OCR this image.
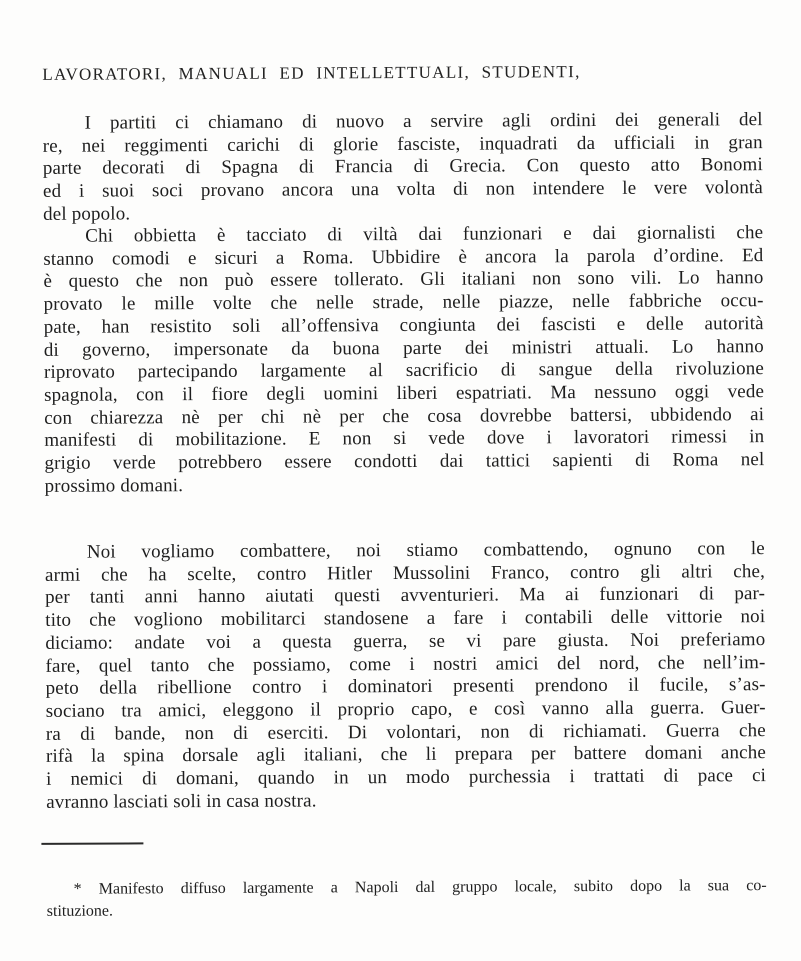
LAVORATORI, MANUALI ED INTELLETTUALI, STUDENTI,
I partiti ci chiamano di nuovo a servire agli ordini dei generali del
re, nei reggimenti carichi di glorie fasciste, inquadrati da ufficiali in gran
parte decorati di Spagna di Francia di Grecia. Con questo atto Bonomi
ed i suoi soci provano ancora una volta di non intendere le vere volontà
del popolo.
Chi obbietta è tacciato di viltà dai funzionari e dai giornalisti che
stanno comodi e sicuri a Roma. Ubbidire è ancora la parola d’ordine. Ed
è questo che non può essere tollerato. Gli italiani non sono vili. Lo hanno
provato le mille volte che nelle strade, nelle piazze, nelle fabbriche occu-
pate, han resistito soli all’offensiva congiunta dei fascisti e delle autorità
di governo, impersonate da buona parte dei ministri attuali. Lo hanno
riprovato partecipando largamente al sacrificio di sangue della rivoluzione
spagnola, con il fiore degli uomini liberi espatriati. Ma nessuno oggi vede
con chiarezza nè per chi nè per che cosa dovrebbe battersi, ubbidendo ai
manifesti di mobilitazione. E non si vede dove i lavoratori rimessi in
grigio verde potrebbero essere condotti dai tattici sapienti di Roma nel
prossimo domani.
Noi vogliamo combattere, noi stiamo combattendo, ognuno con le
armi che ha scelte, contro Hitler Mussolini Franco, contro gli altri che,
per tanti anni hanno aiutati questi avventurieri. Ma ai funzionari di par-
tito che vogliono mobilitarci standosene a fare i contabili delle vittorie noi
diciamo: andate voi a questa guerra, se vi pare giusta. Noi preferiamo
fare, quel tanto che possiamo, come i nostri amici del nord, che nell’im-
peto della ribellione contro i dominatori presenti prendono il fucile, s’as-
sociano tra amici, eleggono il proprio capo, e così vanno alla guerra. Guer-
ra di bande, non di eserciti. Di volontari, non di richiamati. Guerra che
rifà la spina dorsale agli italiani, che li prepara per battere domani anche
i nemici di domani, quando in un modo purchessia i trattati di pace ci
avranno lasciati soli in casa nostra.
* Manifesto diffuso largamente a Napoli dal gruppo locale, subito dopo la sua co-
stituzione.
